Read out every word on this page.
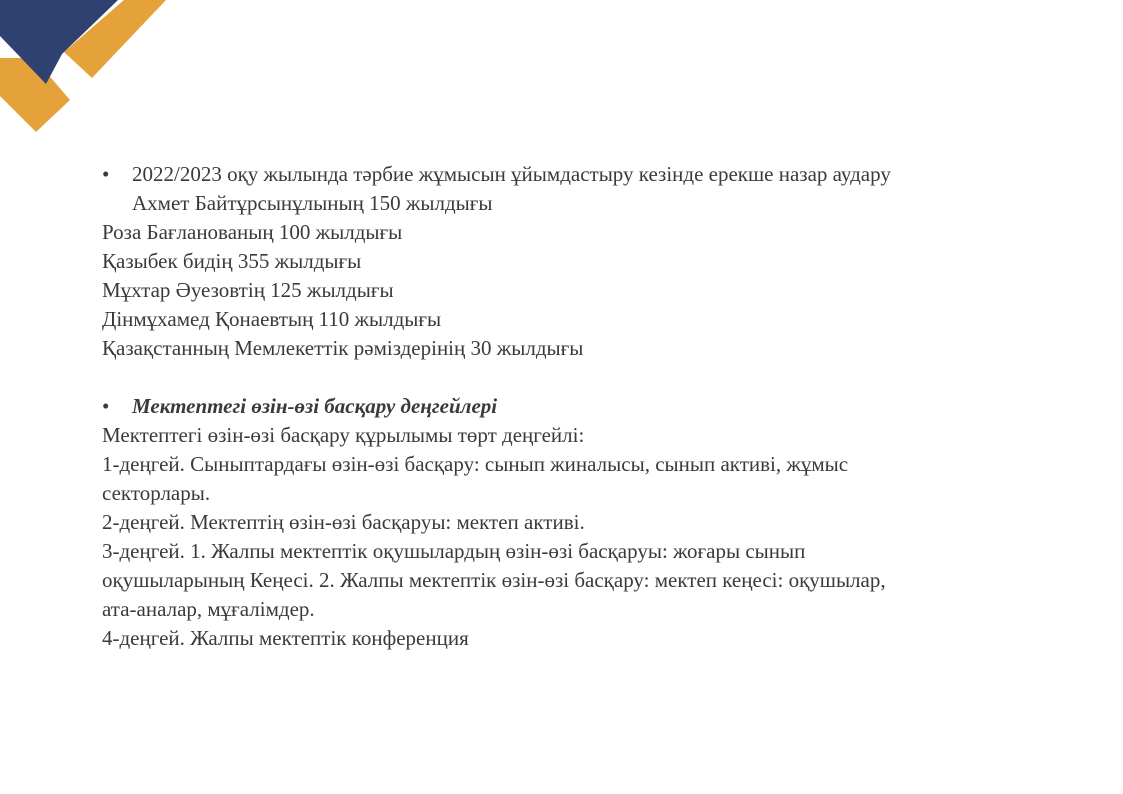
•	2022/2023 оқу жылында тәрбие жұмысын ұйымдастыру кезінде ерекше назар аудару
Ахмет Байтұрсынұлының 150 жылдығы
Роза Бағланованың 100 жылдығы
Қазыбек бидің 355 жылдығы
Мұхтар Әуезовтің 125 жылдығы
Дінмұхамед Қонаевтың 110 жылдығы
Қазақстанның Мемлекеттік рәміздерінің 30 жылдығы
•	Мектептегі өзін-өзі басқару деңгейлері
Мектептегі өзін-өзі басқару құрылымы төрт деңгейлі:
1-деңгей. Сыныптардағы өзін-өзі басқару: сынып жиналысы, сынып активі, жұмыс
секторлары.
2-деңгей. Мектептің өзін-өзі басқаруы: мектеп активі.
3-деңгей. 1. Жалпы мектептік оқушылардың өзін-өзі басқаруы: жоғары сынып
оқушыларының Кеңесі. 2. Жалпы мектептік өзін-өзі басқару: мектеп кеңесі: оқушылар,
ата-аналар, мұғалімдер.
4-деңгей. Жалпы мектептік конференция
